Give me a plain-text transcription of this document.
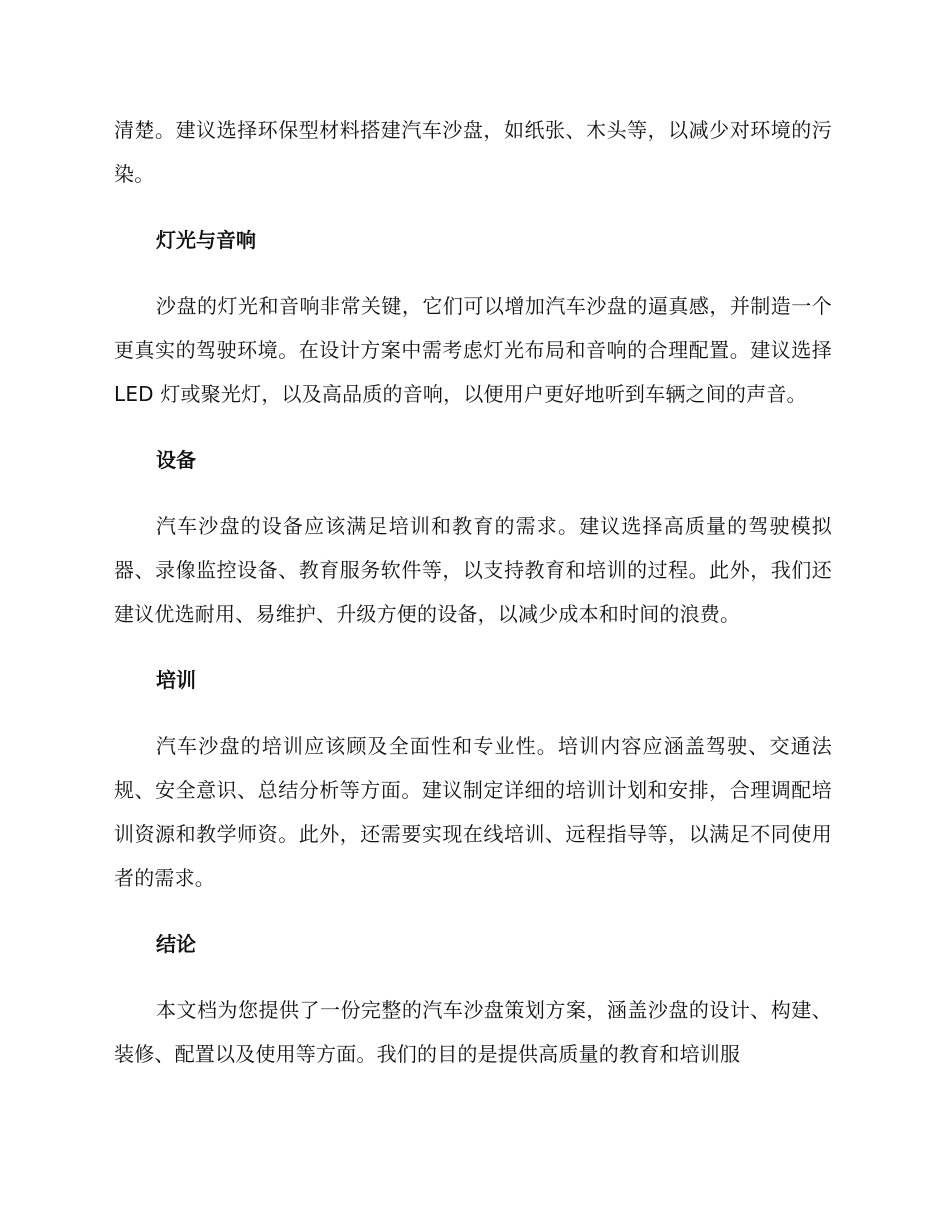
清楚。建议选择环保型材料搭建汽车沙盘，如纸张、木头等，以减少对环境的污染。

灯光与音响

沙盘的灯光和音响非常关键，它们可以增加汽车沙盘的逼真感，并制造一个更真实的驾驶环境。在设计方案中需考虑灯光布局和音响的合理配置。建议选择 LED 灯或聚光灯，以及高品质的音响，以便用户更好地听到车辆之间的声音。

设备

汽车沙盘的设备应该满足培训和教育的需求。建议选择高质量的驾驶模拟器、录像监控设备、教育服务软件等，以支持教育和培训的过程。此外，我们还建议优选耐用、易维护、升级方便的设备，以减少成本和时间的浪费。

培训

汽车沙盘的培训应该顾及全面性和专业性。培训内容应涵盖驾驶、交通法规、安全意识、总结分析等方面。建议制定详细的培训计划和安排，合理调配培训资源和教学师资。此外，还需要实现在线培训、远程指导等，以满足不同使用者的需求。

结论

本文档为您提供了一份完整的汽车沙盘策划方案，涵盖沙盘的设计、构建、装修、配置以及使用等方面。我们的目的是提供高质量的教育和培训服
